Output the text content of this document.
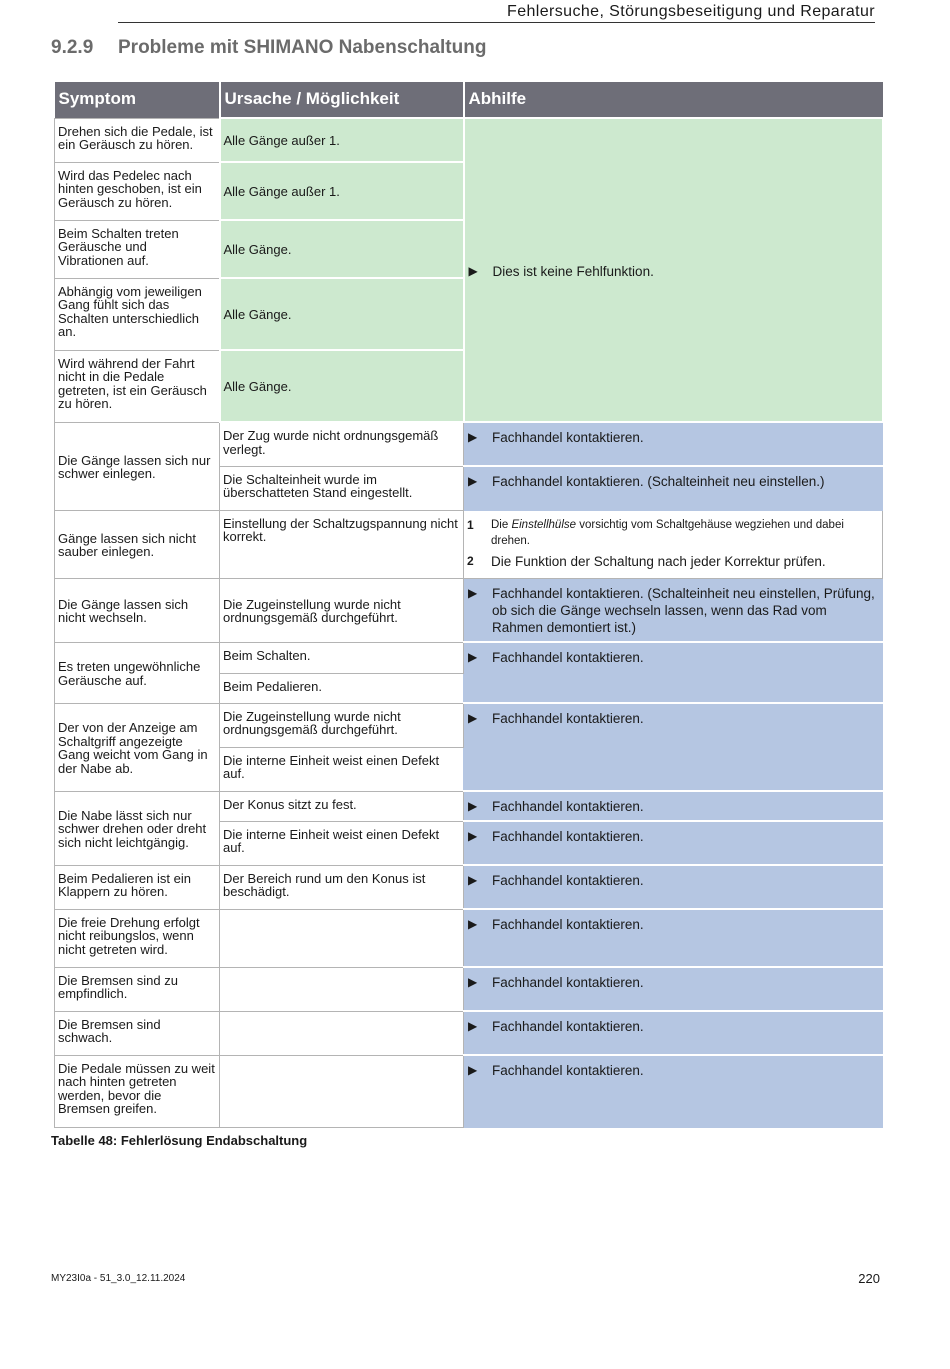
Fehlersuche, Störungsbeseitigung und Reparatur
9.2.9 Probleme mit SHIMANO Nabenschaltung
Symptom	Ursache / Möglichkeit	Abhilfe
Drehen sich die Pedale, ist ein Geräusch zu hören.	Alle Gänge außer 1.	▶ Dies ist keine Fehlfunktion.

Wird das Pedelec nach hinten geschoben, ist ein Geräusch zu hören.	Alle Gänge außer 1.	
Beim Schalten treten Geräusche und Vibrationen auf.	Alle Gänge.	
Abhängig vom jeweiligen Gang fühlt sich das Schalten unterschiedlich an.	Alle Gänge.	
Wird während der Fahrt nicht in die Pedale getreten, ist ein Geräusch zu hören.	Alle Gänge.	
Die Gänge lassen sich nur schwer einlegen.	Der Zug wurde nicht ordnungsgemäß verlegt.	▶ Fachhandel kontaktieren.

	Die Schalteinheit wurde im überschatteten Stand eingestellt.	▶ Fachhandel kontaktieren. (Schalteinheit neu einstellen.)

Gänge lassen sich nicht sauber einlegen.	Einstellung der Schaltzugspannung nicht korrekt.	1 Die Einstellhülse vorsichtig vom Schaltgehäuse wegziehen und dabei drehen.
2 Die Funktion der Schaltung nach jeder Korrektur prüfen.

Die Gänge lassen sich nicht wechseln.	Die Zugeinstellung wurde nicht ordnungsgemäß durchgeführt.	▶ Fachhandel kontaktieren. (Schalteinheit neu einstellen, Prüfung, ob sich die Gänge wechseln lassen, wenn das Rad vom Rahmen demontiert ist.)

Es treten ungewöhnliche Geräusche auf.	Beim Schalten.	▶ Fachhandel kontaktieren.

	Beim Pedalieren.	
Der von der Anzeige am Schaltgriff angezeigte Gang weicht vom Gang in der Nabe ab.	Die Zugeinstellung wurde nicht ordnungsgemäß durchgeführt.	▶ Fachhandel kontaktieren.

	Die interne Einheit weist einen Defekt auf.	
Die Nabe lässt sich nur schwer drehen oder dreht sich nicht leichtgängig.	Der Konus sitzt zu fest.	▶ Fachhandel kontaktieren.

	Die interne Einheit weist einen Defekt auf.	▶ Fachhandel kontaktieren.

Beim Pedalieren ist ein Klappern zu hören.	Der Bereich rund um den Konus ist beschädigt.	▶ Fachhandel kontaktieren.

Die freie Drehung erfolgt nicht reibungslos, wenn nicht getreten wird.		▶ Fachhandel kontaktieren.

Die Bremsen sind zu empfindlich.		▶ Fachhandel kontaktieren.

Die Bremsen sind schwach.		▶ Fachhandel kontaktieren.

Die Pedale müssen zu weit nach hinten getreten werden, bevor die Bremsen greifen.		▶ Fachhandel kontaktieren.
Tabelle 48: Fehlerlösung Endabschaltung
MY23I0a - 51_3.0_12.11.2024	220
